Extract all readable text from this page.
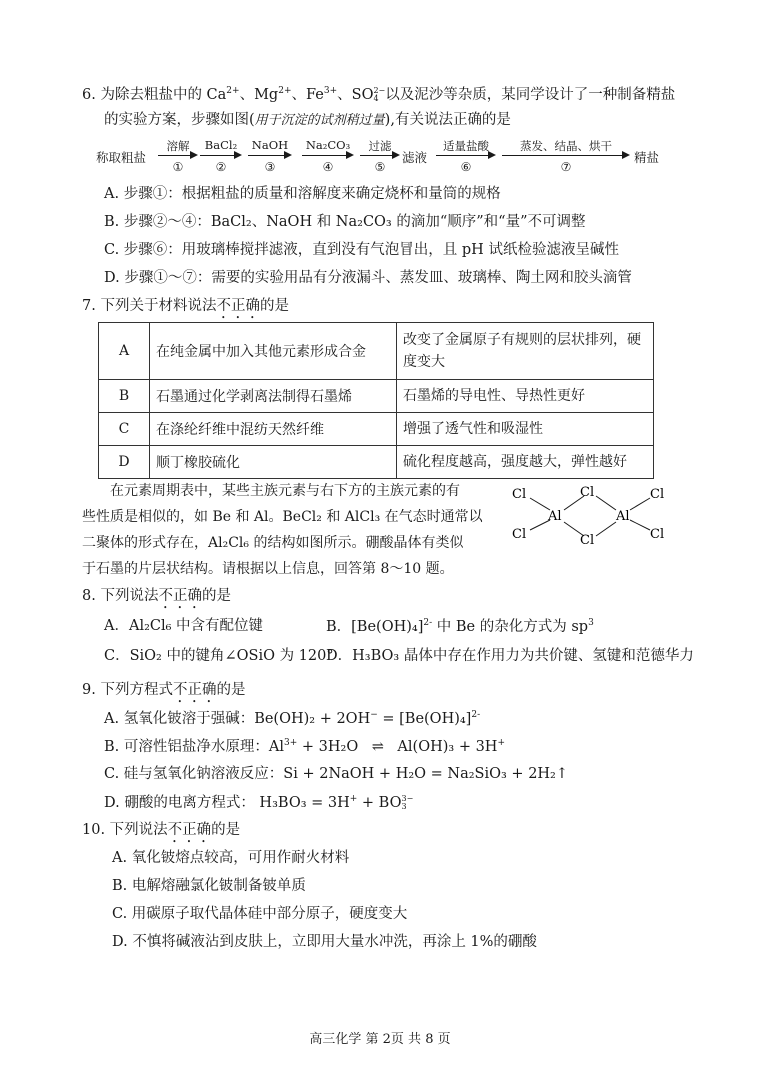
6. 为除去粗盐中的 $Ca^{2+}$、$Mg^{2+}$、$Fe^{3+}$、SO 2−
4 以及泥沙等杂质，某同学设计了一种制备精盐
的实验方案，步骤如图(用于沉淀的试剂稍过量),有关说法正确的是
称取粗盐
溶解
①
BaCl₂
②
NaOH
③
Na₂CO₃
④
过滤
⑤
滤液
适量盐酸
⑥
蒸发、结晶、烘干
⑦
精盐
A. 步骤①：根据粗盐的质量和溶解度来确定烧杯和量筒的规格
B. 步骤②～④：BaCl₂、NaOH 和 Na₂CO₃ 的滴加“顺序”和“量”不可调整
C. 步骤⑥：用玻璃棒搅拌滤液，直到没有气泡冒出，且 pH 试纸检验滤液呈碱性
D. 步骤①～⑦：需要的实验用品有分液漏斗、蒸发皿、玻璃棒、陶土网和胶头滴管
7. 下列关于材料说法不正确的是
A	在纯金属中加入其他元素形成合金	改变了金属原子有规则的层状排列，硬度变大
B	石墨通过化学剥离法制得石墨烯	石墨烯的导电性、导热性更好
C	在涤纶纤维中混纺天然纤维	增强了透气性和吸湿性
D	顺丁橡胶硫化	硫化程度越高，强度越大，弹性越好
在元素周期表中，某些主族元素与右下方的主族元素的有
些性质是相似的，如 Be 和 Al。BeCl₂ 和 AlCl₃ 在气态时通常以
二聚体的形式存在，Al₂Cl₆ 的结构如图所示。硼酸晶体有类似
于石墨的片层状结构。请根据以上信息，回答第 8～10 题。
Cl
Cl
Cl
Cl
Cl
Cl
Al	Al
8. 下列说法不正确的是
A．Al₂Cl₆ 中含有配位键	B．$[Be(OH)_4]^{2-}$ 中 Be 的杂化方式为 $sp^3$
C．SiO₂ 中的键角∠OSiO 为 120°
D．H₃BO₃ 晶体中存在作用力为共价键、氢键和范德华力
9. 下列方程式不正确的是
A. 氢氧化铍溶于强碱：$Be(OH)_2 + 2OH^- = [Be(OH)_4]^{2-}$
B. 可溶性铝盐净水原理：$Al^{3+} + 3H_2O$ ⇌ Al(OH)₃ + 3H+
C. 硅与氢氧化钠溶液反应：Si + 2NaOH + H₂O = Na₂SiO₃ + 2H₂↑
D. 硼酸的电离方程式： H₃BO₃ = 3H+ + BO 3−
3
10. 下列说法不正确的是
A. 氧化铍熔点较高，可用作耐火材料
B. 电解熔融氯化铍制备铍单质
C. 用碳原子取代晶体硅中部分原子，硬度变大
D. 不慎将碱液沾到皮肤上，立即用大量水冲洗，再涂上 1%的硼酸
高三化学 第 2页 共 8 页
